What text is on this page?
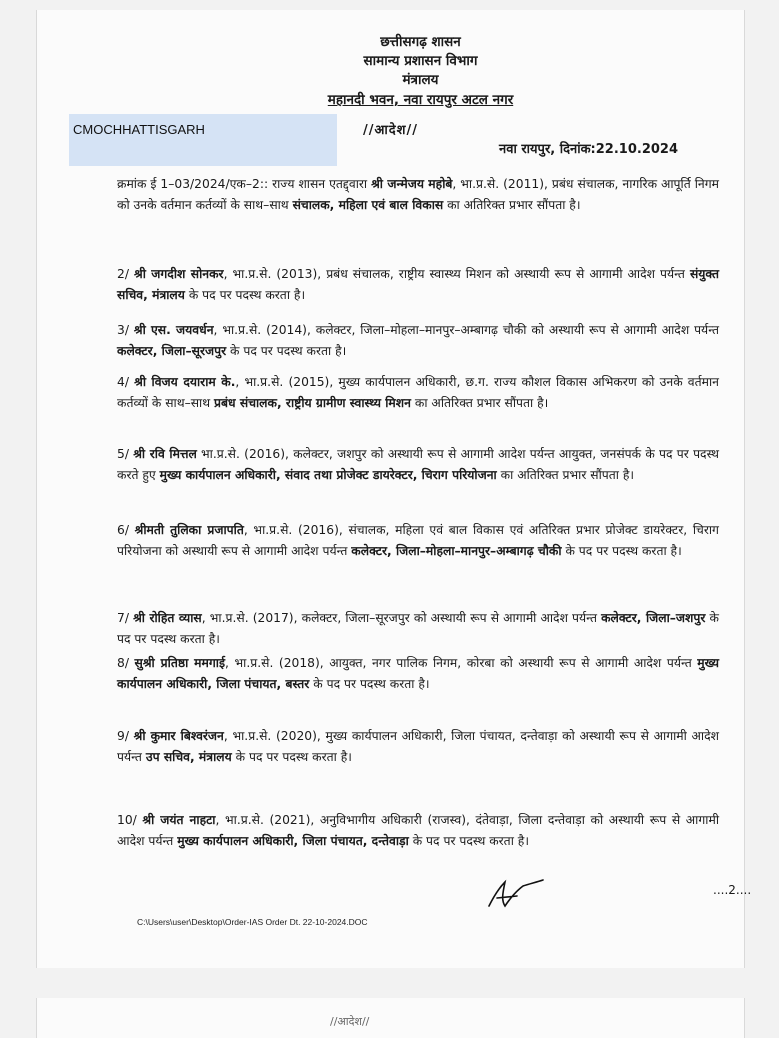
छत्तीसगढ़ शासन
सामान्य प्रशासन विभाग
मंत्रालय
महानदी भवन, नवा रायपुर अटल नगर
CMOCHHATTISGARH	//आदेश//
नवा रायपुर, दिनांक:22.10.2024
क्रमांक ई 1–03/2024/एक–2:: राज्य शासन एतद्द्वारा श्री जन्मेजय महोबे, भा.प्र.से. (2011), प्रबंध संचालक, नागरिक आपूर्ति निगम को उनके वर्तमान कर्तव्यों के साथ–साथ संचालक, महिला एवं बाल विकास का अतिरिक्त प्रभार सौंपता है।
2/ श्री जगदीश सोनकर, भा.प्र.से. (2013), प्रबंध संचालक, राष्ट्रीय स्वास्थ्य मिशन को अस्थायी रूप से आगामी आदेश पर्यन्त संयुक्त सचिव, मंत्रालय के पद पर पदस्थ करता है।
3/ श्री एस. जयवर्धन, भा.प्र.से. (2014), कलेक्टर, जिला–मोहला–मानपुर–अम्बागढ़ चौकी को अस्थायी रूप से आगामी आदेश पर्यन्त कलेक्टर, जिला–सूरजपुर के पद पर पदस्थ करता है।
4/ श्री विजय दयाराम के., भा.प्र.से. (2015), मुख्य कार्यपालन अधिकारी, छ.ग. राज्य कौशल विकास अभिकरण को उनके वर्तमान कर्तव्यों के साथ–साथ प्रबंध संचालक, राष्ट्रीय ग्रामीण स्वास्थ्य मिशन का अतिरिक्त प्रभार सौंपता है।
5/ श्री रवि मित्तल भा.प्र.से. (2016), कलेक्टर, जशपुर को अस्थायी रूप से आगामी आदेश पर्यन्त आयुक्त, जनसंपर्क के पद पर पदस्थ करते हुए मुख्य कार्यपालन अधिकारी, संवाद तथा प्रोजेक्ट डायरेक्टर, चिराग परियोजना का अतिरिक्त प्रभार सौंपता है।
6/ श्रीमती तुलिका प्रजापति, भा.प्र.से. (2016), संचालक, महिला एवं बाल विकास एवं अतिरिक्त प्रभार प्रोजेक्ट डायरेक्टर, चिराग परियोजना को अस्थायी रूप से आगामी आदेश पर्यन्त कलेक्टर, जिला–मोहला–मानपुर–अम्बागढ़ चौकी के पद पर पदस्थ करता है।
7/ श्री रोहित व्यास, भा.प्र.से. (2017), कलेक्टर, जिला–सूरजपुर को अस्थायी रूप से आगामी आदेश पर्यन्त कलेक्टर, जिला–जशपुर के पद पर पदस्थ करता है।
8/ सुश्री प्रतिष्ठा ममगाई, भा.प्र.से. (2018), आयुक्त, नगर पालिक निगम, कोरबा को अस्थायी रूप से आगामी आदेश पर्यन्त मुख्य कार्यपालन अधिकारी, जिला पंचायत, बस्तर के पद पर पदस्थ करता है।
9/ श्री कुमार बिश्वरंजन, भा.प्र.से. (2020), मुख्य कार्यपालन अधिकारी, जिला पंचायत, दन्तेवाड़ा को अस्थायी रूप से आगामी आदेश पर्यन्त उप सचिव, मंत्रालय के पद पर पदस्थ करता है।
10/ श्री जयंत नाहटा, भा.प्र.से. (2021), अनुविभागीय अधिकारी (राजस्व), दंतेवाड़ा, जिला दन्तेवाड़ा को अस्थायी रूप से आगामी आदेश पर्यन्त मुख्य कार्यपालन अधिकारी, जिला पंचायत, दन्तेवाड़ा के पद पर पदस्थ करता है।
....2....
C:\Users\user\Desktop\Order-IAS Order Dt. 22-10-2024.DOC
//आदेश//
